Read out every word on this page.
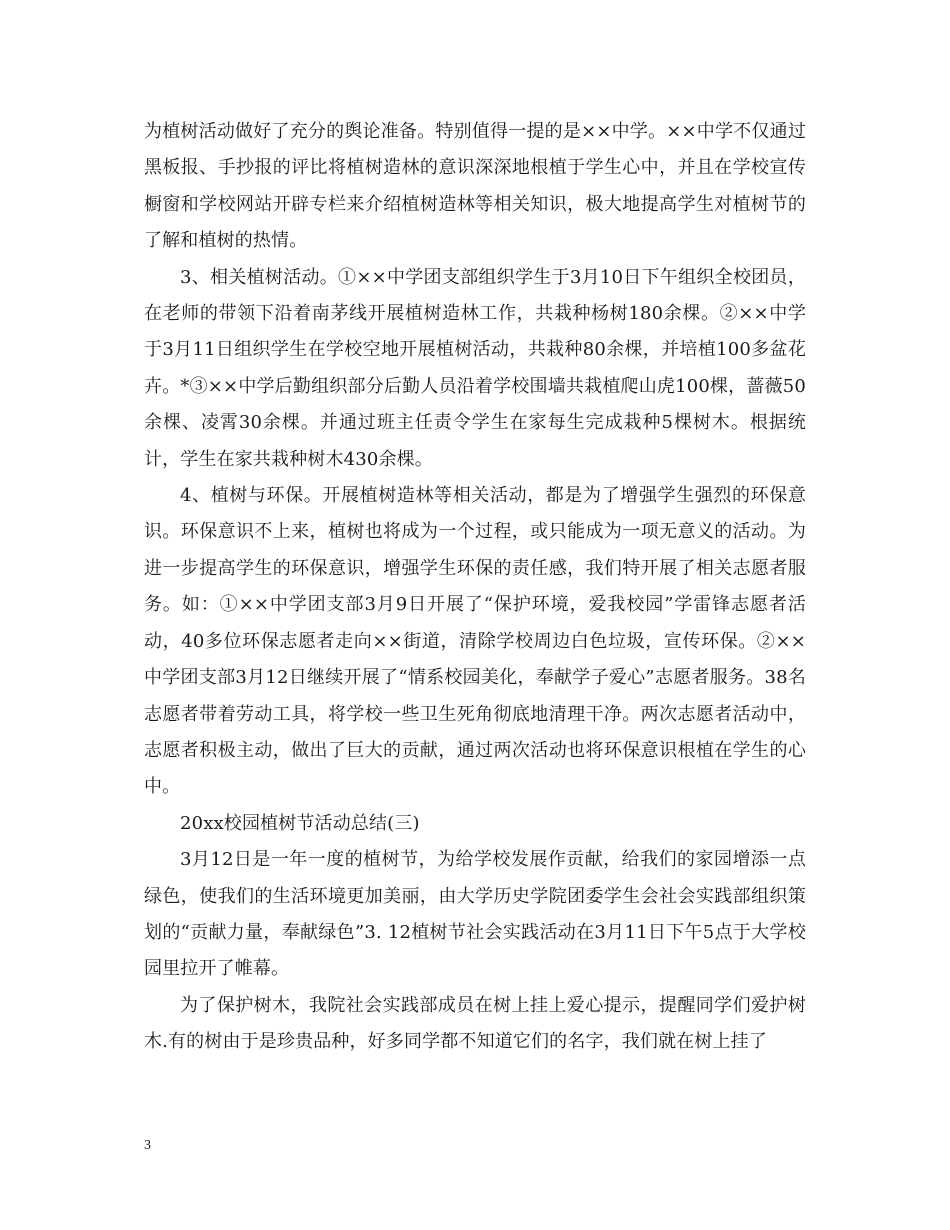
为植树活动做好了充分的舆论准备。特别值得一提的是××中学。××中学不仅通过黑板报、手抄报的评比将植树造林的意识深深地根植于学生心中，并且在学校宣传橱窗和学校网站开辟专栏来介绍植树造林等相关知识，极大地提高学生对植树节的了解和植树的热情。

3、相关植树活动。①××中学团支部组织学生于3月10日下午组织全校团员，在老师的带领下沿着南茅线开展植树造林工作，共栽种杨树180余棵。②××中学于3月11日组织学生在学校空地开展植树活动，共栽种80余棵，并培植100多盆花卉。*③××中学后勤组织部分后勤人员沿着学校围墙共栽植爬山虎100棵，蔷薇50余棵、凌霄30余棵。并通过班主任责令学生在家每生完成栽种5棵树木。根据统计，学生在家共栽种树木430余棵。

4、植树与环保。开展植树造林等相关活动，都是为了增强学生强烈的环保意识。环保意识不上来，植树也将成为一个过程，或只能成为一项无意义的活动。为进一步提高学生的环保意识，增强学生环保的责任感，我们特开展了相关志愿者服务。如：①××中学团支部3月9日开展了“保护环境，爱我校园”学雷锋志愿者活动，40多位环保志愿者走向××街道，清除学校周边白色垃圾，宣传环保。②××中学团支部3月12日继续开展了“情系校园美化，奉献学子爱心”志愿者服务。38名志愿者带着劳动工具，将学校一些卫生死角彻底地清理干净。两次志愿者活动中，志愿者积极主动，做出了巨大的贡献，通过两次活动也将环保意识根植在学生的心中。

20xx校园植树节活动总结(三)

3月12日是一年一度的植树节，为给学校发展作贡献，给我们的家园增添一点绿色，使我们的生活环境更加美丽，由大学历史学院团委学生会社会实践部组织策划的“贡献力量，奉献绿色”3. 12植树节社会实践活动在3月11日下午5点于大学校园里拉开了帷幕。

为了保护树木，我院社会实践部成员在树上挂上爱心提示，提醒同学们爱护树木.有的树由于是珍贵品种，好多同学都不知道它们的名字，我们就在树上挂了

3
